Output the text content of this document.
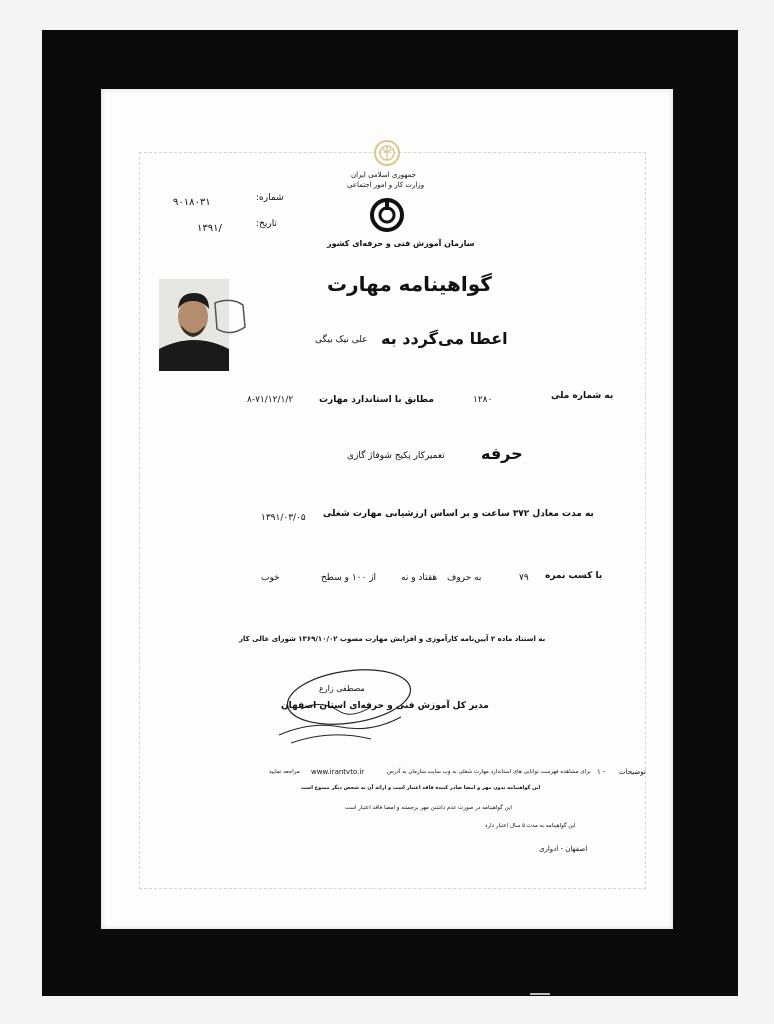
جمهوری اسلامی ایران
وزارت کار و امور اجتماعی
سازمان آموزش فنی و حرفه‌ای کشور
شماره:
۹۰۱۸۰۳۱
تاریخ:
۱۳۹۱/
گواهینامه مهارت
اعطا می‌گردد به
علی نیک بیگی
به شماره ملی
۱۲۸۰
مطابق با استاندارد مهارت
۸-۷۱/۱۲/۱/۲
حرفه
تعمیرکار پکیج شوفاژ گازی
به مدت معادل ۳۷۲ ساعت و بر اساس ارزشیابی مهارت شغلی
۱۳۹۱/۰۳/۰۵
با کسب نمره
۷۹
به حروف
هفتاد و نه
از ۱۰۰ و سطح
خوب
به استناد ماده ۲ آیین‌نامه کارآموزی و افزایش مهارت مصوب ۱۳۶۹/۱۰/۰۲ شورای عالی کار
مصطفی زارع
مدیر کل آموزش فنی و حرفه‌ای استان اصفهان
توضیحات
۱ -
برای مشاهده فهرست توانایی های استاندارد مهارت شغلی به وب سایت سازمان به آدرس
www.irantvto.ir
مراجعه نمایید
این گواهینامه بدون مهر و امضا صادر کننده فاقد اعتبار است و ارائه آن به شخص دیگر ممنوع است
این گواهینامه در صورت عدم داشتن مهر برجسته و امضا فاقد اعتبار است
این گواهینامه به مدت ۵ سال اعتبار دارد
اصفهان - ادواری
